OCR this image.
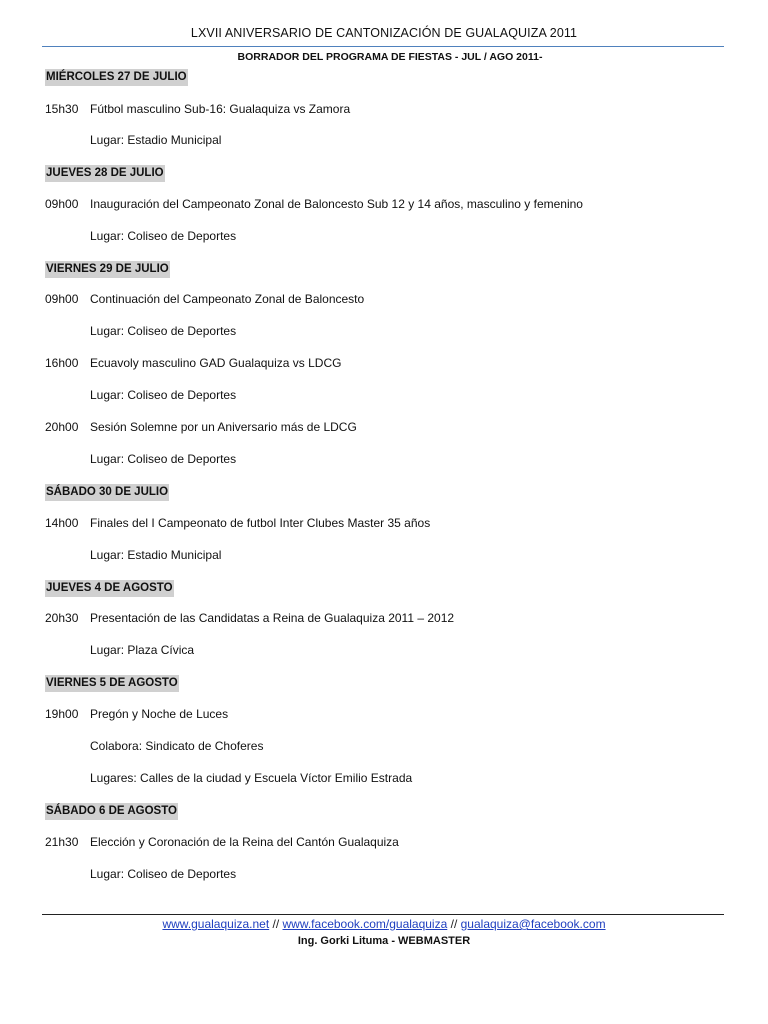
LXVII ANIVERSARIO DE CANTONIZACIÓN DE GUALAQUIZA 2011
BORRADOR DEL PROGRAMA DE FIESTAS - JUL / AGO 2011-
MIÉRCOLES 27 DE JULIO
15h30 Fútbol masculino Sub-16: Gualaquiza vs Zamora
Lugar: Estadio Municipal
JUEVES 28 DE JULIO
09h00 Inauguración del Campeonato Zonal de Baloncesto Sub 12 y 14 años, masculino y femenino
Lugar: Coliseo de Deportes
VIERNES 29 DE JULIO
09h00 Continuación del Campeonato Zonal de Baloncesto
Lugar: Coliseo de Deportes
16h00 Ecuavoly masculino GAD Gualaquiza vs LDCG
Lugar: Coliseo de Deportes
20h00 Sesión Solemne por un Aniversario más de LDCG
Lugar: Coliseo de Deportes
SÁBADO 30 DE JULIO
14h00 Finales del I Campeonato de futbol Inter Clubes Master 35 años
Lugar: Estadio Municipal
JUEVES 4 DE AGOSTO
20h30 Presentación de las Candidatas a Reina de Gualaquiza 2011 – 2012
Lugar: Plaza Cívica
VIERNES 5 DE AGOSTO
19h00 Pregón y Noche de Luces
Colabora: Sindicato de Choferes
Lugares: Calles de la ciudad y Escuela Víctor Emilio Estrada
SÁBADO 6 DE AGOSTO
21h30 Elección y Coronación de la Reina del Cantón Gualaquiza
Lugar: Coliseo de Deportes
www.gualaquiza.net // www.facebook.com/gualaquiza // gualaquiza@facebook.com
Ing. Gorki Lituma - WEBMASTER
